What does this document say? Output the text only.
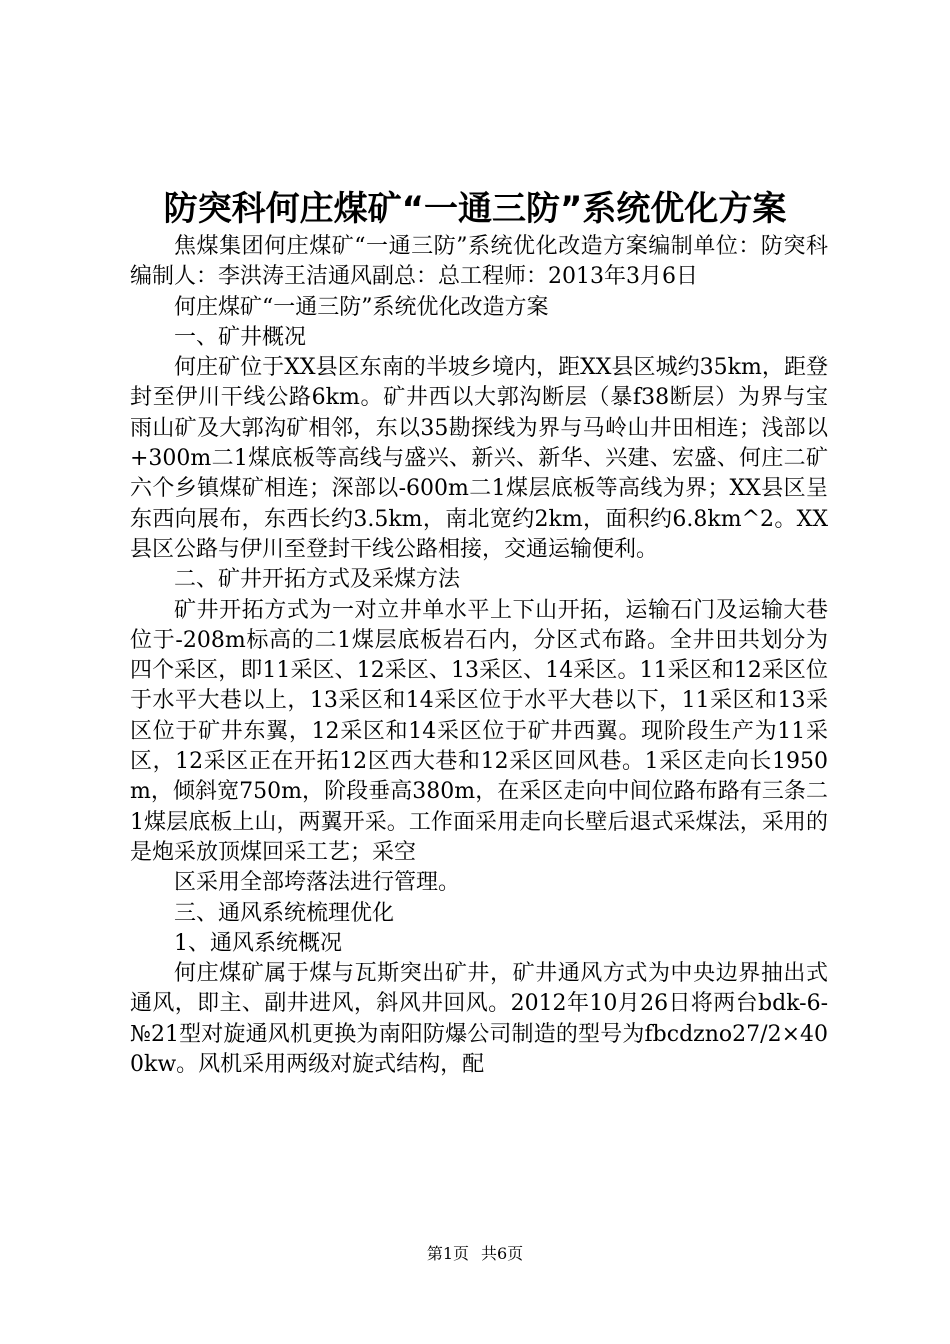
防突科何庄煤矿“一通三防”系统优化方案

焦煤集团何庄煤矿“一通三防”系统优化改造方案编制单位：防突科编制人：李洪涛王洁通风副总：总工程师：2013年3月6日

何庄煤矿“一通三防”系统优化改造方案

一、矿井概况

何庄矿位于XX县区东南的半坡乡境内，距XX县区城约35km，距登封至伊川干线公路6km。矿井西以大郭沟断层（暴f38断层）为界与宝雨山矿及大郭沟矿相邻，东以35勘探线为界与马岭山井田相连；浅部以+300m二1煤底板等高线与盛兴、新兴、新华、兴建、宏盛、何庄二矿六个乡镇煤矿相连；深部以-600m二1煤层底板等高线为界；XX县区呈东西向展布，东西长约3.5km，南北宽约2km，面积约6.8km^2。XX县区公路与伊川至登封干线公路相接，交通运输便利。

二、矿井开拓方式及采煤方法

矿井开拓方式为一对立井单水平上下山开拓，运输石门及运输大巷位于-208m标高的二1煤层底板岩石内，分区式布路。全井田共划分为四个采区，即11采区、12采区、13采区、14采区。11采区和12采区位于水平大巷以上，13采区和14采区位于水平大巷以下，11采区和13采区位于矿井东翼，12采区和14采区位于矿井西翼。现阶段生产为11采区，12采区正在开拓12区西大巷和12采区回风巷。1采区走向长1950m，倾斜宽750m，阶段垂高380m，在采区走向中间位路布路有三条二1煤层底板上山，两翼开采。工作面采用走向长壁后退式采煤法，采用的是炮采放顶煤回采工艺；采空

区采用全部垮落法进行管理。

三、通风系统梳理优化

1、通风系统概况

何庄煤矿属于煤与瓦斯突出矿井，矿井通风方式为中央边界抽出式通风，即主、副井进风，斜风井回风。2012年10月26日将两台bdk-6-№21型对旋通风机更换为南阳防爆公司制造的型号为fbcdzno27/2×400kw。风机采用两级对旋式结构，配

第1页 共6页
